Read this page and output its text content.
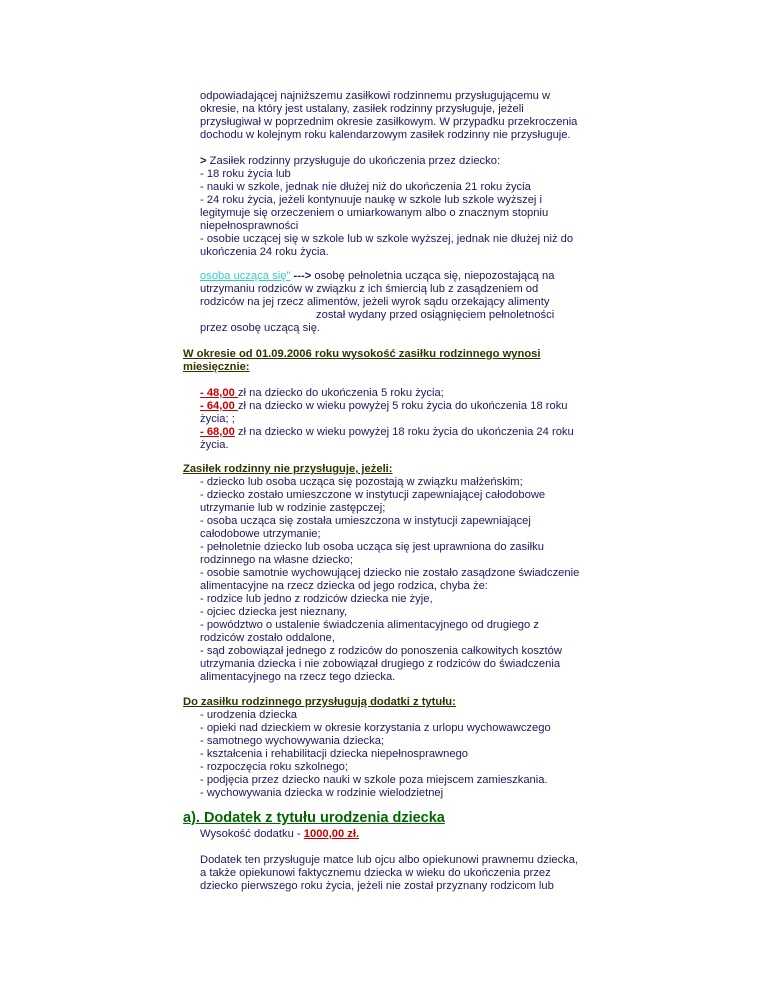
odpowiadającej najniższemu zasiłkowi rodzinnemu przysługującemu w
okresie, na który jest ustalany, zasiłek rodzinny przysługuje, jeżeli
przysługiwał w poprzednim okresie zasiłkowym. W przypadku przekroczenia
dochodu w kolejnym roku kalendarzowym zasiłek rodzinny nie przysługuje.
> Zasiłek rodzinny przysługuje do ukończenia przez dziecko:
- 18 roku życia lub
- nauki w szkole, jednak nie dłużej niż do ukończenia 21 roku życia
- 24 roku życia, jeżeli kontynuuje naukę w szkole lub szkole wyższej i
legitymuje się orzeczeniem o umiarkowanym albo o znacznym stopniu
niepełnosprawności
- osobie uczącej się w szkole lub w szkole wyższej, jednak nie dłużej niż do
ukończenia 24 roku życia.
osoba ucząca się" ---> osobę pełnoletnia ucząca się, niepozostającą na
utrzymaniu rodziców w związku z ich śmiercią lub z zasądzeniem od
rodziców na jej rzecz alimentów, jeżeli wyrok sądu orzekający alimenty
został wydany przed osiągnięciem pełnoletności
przez osobę uczącą się.
W okresie od 01.09.2006 roku wysokość zasiłku rodzinnego wynosi
miesięcznie:
- 48,00 zł na dziecko do ukończenia 5 roku życia;
- 64,00 zł na dziecko w wieku powyżej 5 roku życia do ukończenia 18 roku
życia; ;
- 68,00 zł na dziecko w wieku powyżej 18 roku życia do ukończenia 24 roku
życia.
Zasiłek rodzinny nie przysługuje, jeżeli:
- dziecko lub osoba ucząca się pozostają w związku małżeńskim;
- dziecko zostało umieszczone w instytucji zapewniającej całodobowe
utrzymanie lub w rodzinie zastępczej;
- osoba ucząca się została umieszczona w instytucji zapewniającej
całodobowe utrzymanie;
- pełnoletnie dziecko lub osoba ucząca się jest uprawniona do zasiłku
rodzinnego na własne dziecko;
- osobie samotnie wychowującej dziecko nie zostało zasądzone świadczenie
alimentacyjne na rzecz dziecka od jego rodzica, chyba że:
- rodzice lub jedno z rodziców dziecka nie żyje,
- ojciec dziecka jest nieznany,
- powództwo o ustalenie świadczenia alimentacyjnego od drugiego z
rodziców zostało oddalone,
- sąd zobowiązał jednego z rodziców do ponoszenia całkowitych kosztów
utrzymania dziecka i nie zobowiązał drugiego z rodziców do świadczenia
alimentacyjnego na rzecz tego dziecka.
Do zasiłku rodzinnego przysługują dodatki z tytułu:
- urodzenia dziecka
- opieki nad dzieckiem w okresie korzystania z urlopu wychowawczego
- samotnego wychowywania dziecka;
- kształcenia i rehabilitacji dziecka niepełnosprawnego
- rozpoczęcia roku szkolnego;
- podjęcia przez dziecko nauki w szkole poza miejscem zamieszkania.
- wychowywania dziecka w rodzinie wielodzietnej
a). Dodatek z tytułu urodzenia dziecka
Wysokość dodatku - 1000,00 zł.
Dodatek ten przysługuje matce lub ojcu albo opiekunowi prawnemu dziecka,
a także opiekunowi faktycznemu dziecka w wieku do ukończenia przez
dziecko pierwszego roku życia, jeżeli nie został przyznany rodzicom lub
